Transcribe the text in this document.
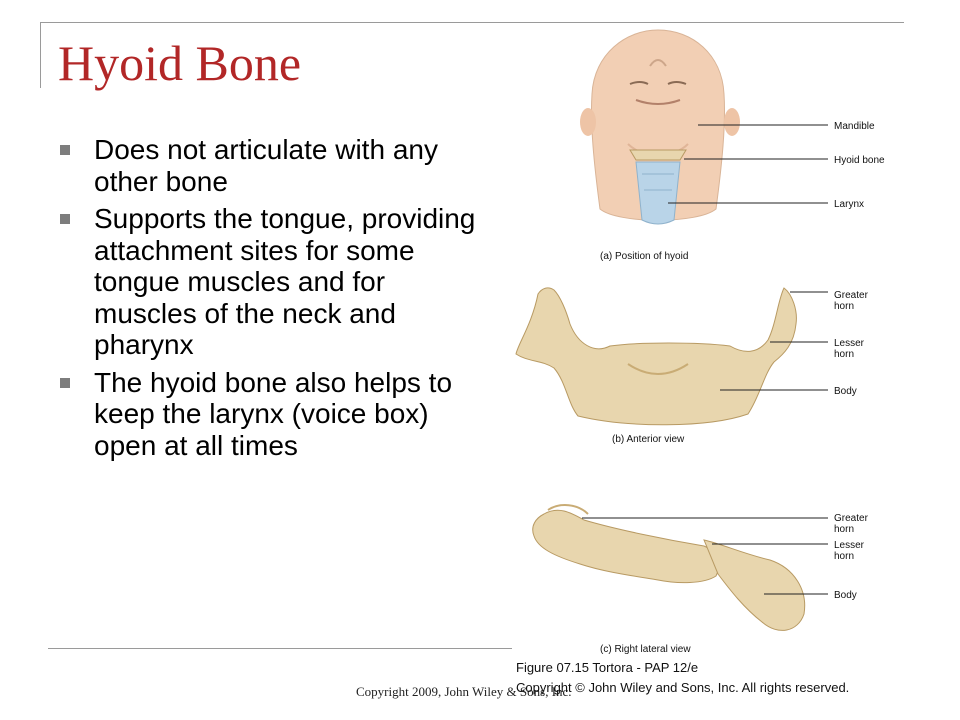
Hyoid Bone
Does not articulate with any other bone
Supports the tongue, providing attachment sites for some tongue muscles and for muscles of the neck and pharynx
The hyoid bone also helps to keep the larynx (voice box) open at all times
Copyright 2009, John Wiley & Sons, Inc.
Mandible
Hyoid bone
Larynx
(a) Position of hyoid
Greater
horn
Lesser
horn
Body
(b) Anterior view
Greater
horn
Lesser
horn
Body
(c) Right lateral view
Figure 07.15 Tortora - PAP 12/e
Copyright © John Wiley and Sons, Inc. All rights reserved.
